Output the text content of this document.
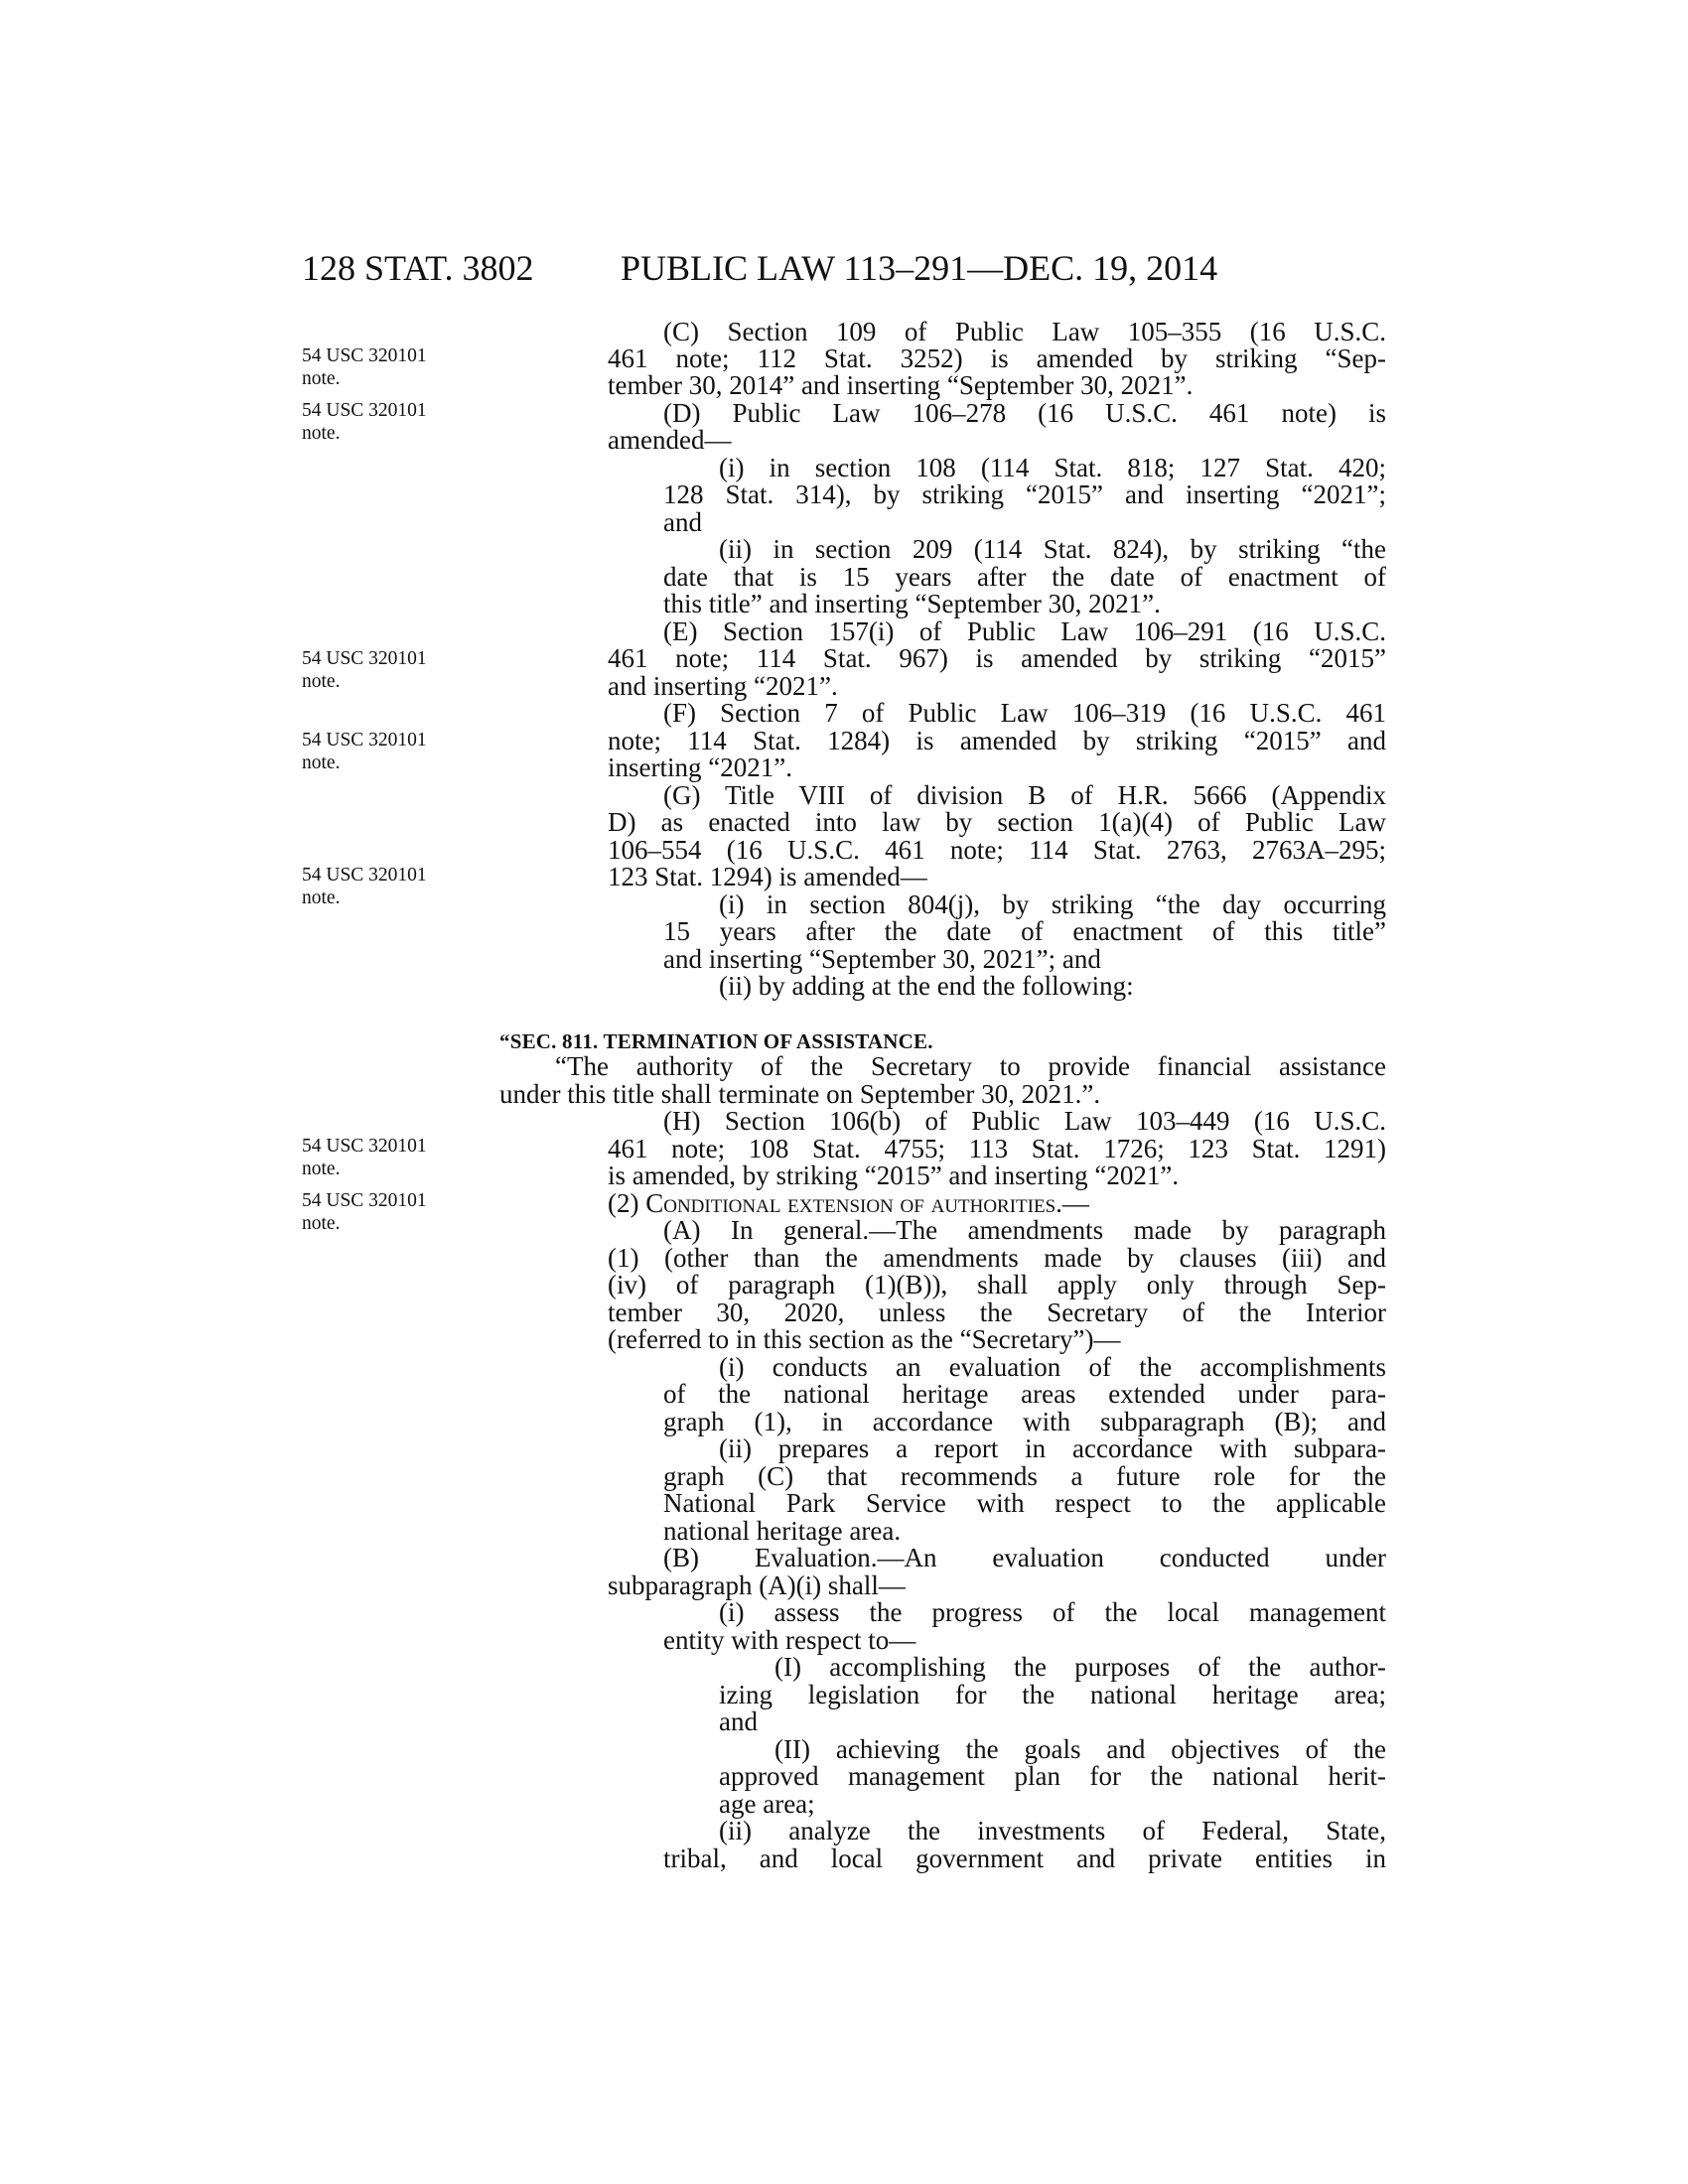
128 STAT. 3802 PUBLIC LAW 113–291—DEC. 19, 2014
54 USC 320101
note.
54 USC 320101
note.
54 USC 320101
note.
54 USC 320101
note.
54 USC 320101
note.
54 USC 320101
note.
54 USC 320101
note.
(C) Section 109 of Public Law 105–355 (16 U.S.C.
461 note; 112 Stat. 3252) is amended by striking “Sep-
tember 30, 2014” and inserting “September 30, 2021”.
(D) Public Law 106–278 (16 U.S.C. 461 note) is
amended—
(i) in section 108 (114 Stat. 818; 127 Stat. 420;
128 Stat. 314), by striking “2015” and inserting “2021”;
and
(ii) in section 209 (114 Stat. 824), by striking “the
date that is 15 years after the date of enactment of
this title” and inserting “September 30, 2021”.
(E) Section 157(i) of Public Law 106–291 (16 U.S.C.
461 note; 114 Stat. 967) is amended by striking “2015”
and inserting “2021”.
(F) Section 7 of Public Law 106–319 (16 U.S.C. 461
note; 114 Stat. 1284) is amended by striking “2015” and
inserting “2021”.
(G) Title VIII of division B of H.R. 5666 (Appendix
D) as enacted into law by section 1(a)(4) of Public Law
106–554 (16 U.S.C. 461 note; 114 Stat. 2763, 2763A–295;
123 Stat. 1294) is amended—
(i) in section 804(j), by striking “the day occurring
15 years after the date of enactment of this title”
and inserting “September 30, 2021”; and
(ii) by adding at the end the following:
“SEC. 811. TERMINATION OF ASSISTANCE.
“The authority of the Secretary to provide financial assistance
under this title shall terminate on September 30, 2021.”.
(H) Section 106(b) of Public Law 103–449 (16 U.S.C.
461 note; 108 Stat. 4755; 113 Stat. 1726; 123 Stat. 1291)
is amended, by striking “2015” and inserting “2021”.
(2) Conditional extension of authorities.—
(A) In general.—The amendments made by paragraph
(1) (other than the amendments made by clauses (iii) and
(iv) of paragraph (1)(B)), shall apply only through Sep-
tember 30, 2020, unless the Secretary of the Interior
(referred to in this section as the “Secretary”)—
(i) conducts an evaluation of the accomplishments
of the national heritage areas extended under para-
graph (1), in accordance with subparagraph (B); and
(ii) prepares a report in accordance with subpara-
graph (C) that recommends a future role for the
National Park Service with respect to the applicable
national heritage area.
(B) Evaluation.—An evaluation conducted under
subparagraph (A)(i) shall—
(i) assess the progress of the local management
entity with respect to—
(I) accomplishing the purposes of the author-
izing legislation for the national heritage area;
and
(II) achieving the goals and objectives of the
approved management plan for the national herit-
age area;
(ii) analyze the investments of Federal, State,
tribal, and local government and private entities in
